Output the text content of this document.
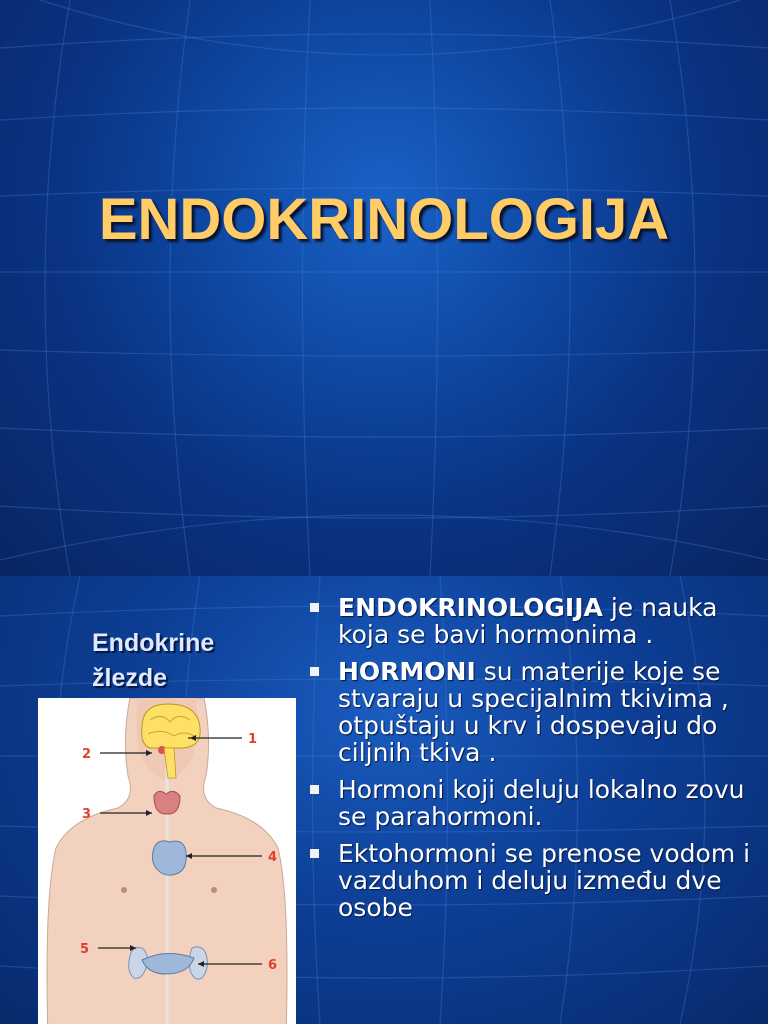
ENDOKRINOLOGIJA
Endokrine
žlezde
1
2
3
4
5
6
ENDOKRINOLOGIJA je nauka koja se bavi hormonima .
HORMONI su materije koje se stvaraju u specijalnim tkivima , otpuštaju u krv i dospevaju do ciljnih tkiva .
Hormoni koji deluju lokalno zovu se parahormoni.
Ektohormoni se prenose vodom i vazduhom i deluju između dve osobe
